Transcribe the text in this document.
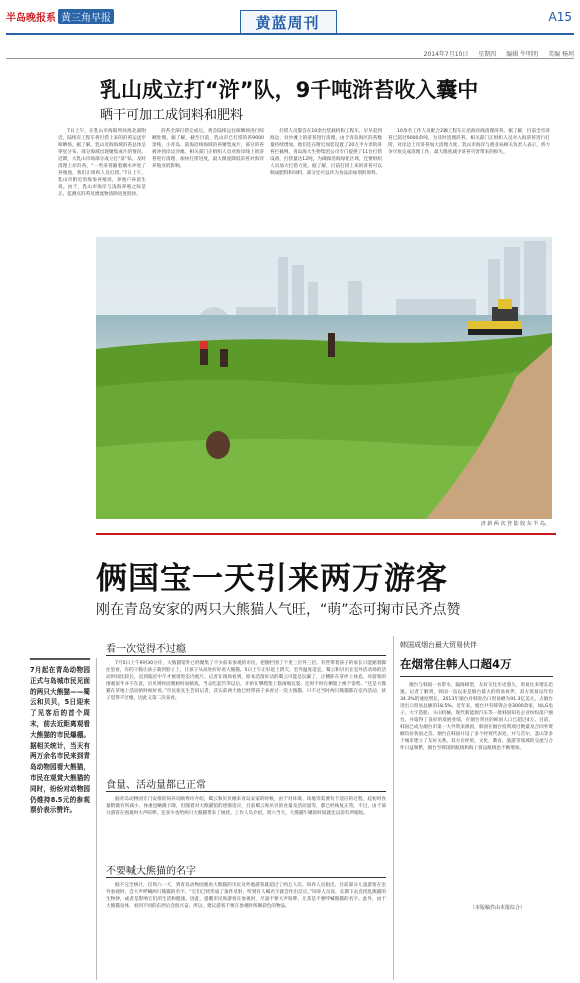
半岛晚报系 黄三角早报	黄蓝周刊	A15
2014年7月10日 星期四 编辑 牛明明 美编 杨珂
乳山成立打“浒”队，9千吨浒苔收入囊中
晒干可加工成饲料和肥料
7日上午，在乳山市海阳所环海北部附近，陆续有工程车将打捞上来的浒苔运送至晾晒场。据了解，乳山近海海域浒苔总体呈零星分布，部分海域出现聚集成片的情况。近期，大乳山市场部分成立打“浒”队，及时清理上岸浒苔。“一些浒苔随着潮水冲进了养殖池，我们正组织人员打捞。”7日上午，乳山市附近的海参养殖场，养殖户孙富生说。由于，乳山市海岸与浅海养殖之际是正，监测点浒苔及漂流物清除进度很快。
浒苔全部打捞完成后，将会陆续运往晾晒场进行晾晒处理。据了解，截至目前，乳山市已打捞浒苔9000余吨。小青岛、前海沿线海域浒苔聚集成片，部分浒苔被冲到岸边沙滩。相关部门正组织人员对海岸线上的浒苔进行清理，加快打捞进度，最大限度降低浒苔对海洋养殖业的影响。
打捞人员都会在10余台装载机和工程车，早早赶到海边，对沙滩上的浒苔进行清理。由于青岛海区浒苔数量持续增加，他们还在附近加装设置了20万平方米的浒苔拦截网。青岛海大生物集团公司专门提供了11台打捞设备，打捞量达12吨，为确保沿海绿化区域，还要组织人员加大打捞力度。据了解，目前打捞上来的浒苔可以制成肥料和饲料，部分还可以作为食品添加剂的原料。
10余名工作人员配合2辆工程车正沿海岸线清理浒苔。据了解，目前全市浒苔已超过9000余吨，为及时清理浒苔，相关部门正组织人员对入海浒苔进行打捞，对岸边上岸浒苔加大清理力度，乳山市海洋与渔业局相关负责人表示，将力争尽快完成清理工作，最大限度减少浒苔灾害带来的损失。
济 新 两 次 登 陆 胶 东 半 岛。
俩国宝一天引来两万游客
刚在青岛安家的两只大熊猫人气旺，“萌”态可掬市民齐点赞
7月起在青岛动物园正式与岛城市民见面的两只大熊猫——蜀云和贝贝，5日迎来了见客后的首个周末，前去近距离观看大熊猫的市民爆棚。据相关统计，当天有两万余名市民来到青岛动物园看大熊猫，市民在观赏大熊猫的同时，纷纷对动物园仍维持8.5元的参观票价表示赞许。
看一次觉得不过瘾
7月5日上午9时30分许，大熊猫馆外已经聚集了不少前来参观的市民，把圈栏围了个里三层外三层。有些带着孩子的家长只能踮着脚往里看，有的干脆让孩子骑到脖子上，让孩子从高处好好看大熊猫。5日上午正好赶上阴天，室外温度适宜，蜀云和贝贝在室外活动场的活动时间比较长，直到临近中午才被请进室内展厅。记者在现场看到，原本活泼好动的蜀云可能是玩累了，正侧卧在草坪上休息，对游客的围观似乎并不在意，贝贝则时而爬树时而嬉戏，当众吃起竹笋以后，开始在攀爬架上悠闲地玩耍，还时不时在栖架上换个姿势。“还是大熊猫在草地上活动的时候好看。”市民张先生告诉记者，其实前两天他已经带孩子来看过一次大熊猫，只不过当时两只熊猫都在室内活动，孩子觉得不过瘾，因此又第二次来看。
食量、活动量都已正常
据青岛动物园专门安排的饲养员顾秀玲介绍，蜀云和贝贝刚来青岛安家的时候，由于对环境、场地等需要有个适应的过程，起初时食量稍微有所减小，体重也略微下降，但随着对大熊猫馆的逐渐适应，目前蜀云和贝贝的食量及活动量等，都已经恢复正常。不过，由于部分游客在围观时大声喧哗，还多少也给两只大熊猫带来了困扰。工作人员介绍，周六当天，大熊猫午睡的时间就比以前有所缩短。
不要喊大熊猫的名字
据不完全统计，仅周六一天，到青岛动物园观看大熊猫的市民及外地游客就超过了两万人次。饲养人员指出，目前部分儿童游客在室外参观时，会大声呼喊两只熊猫的名字。“它们已经形成了条件反射，听到有人喊名字就会作出反应。”饲养人员说，长期下去会扰乱熊猫的生物钟，或者是影响它们的生活和健康。因此，提醒市民和游客在参观时，尽量不要大声喧哗，尤其是不要呼喊熊猫的名字。此外，由于大熊猫身体，看到不同的东西后会很兴奋，所以，建议游客不要在参观时挥舞彩色的物品。
韩国成烟台最大贸易伙伴
在烟常住韩人口超4万
烟台与韩国一衣带水，隔海相望，友好交往历史悠久，贸易往来增长迅速。记者了解到，韩国一直以来是烟台最大的贸易伙伴，双方贸易以年均34.3%的速度增长，2013年烟台对韩进出口贸易额为91.3亿美元，占烟台进出口贸易总额的18.5%。近年来，烟台共有韩资企业3000余家，如LG电子、大宇造船、斗山机械、现代新能源汽车等一批韩国知名企业纷纷落户烟台，并取得了良好的发展业绩，在烟台常住的韩国人口已超过4万。目前，韩国已成为烟台市第一大外资来源国，韩国在烟台投资项目数量及合同外资额均居各国之首。烟台在韩国开设了多个经贸代表处，并与首尔、釜山等多个城市建立了友好关系。双方在经贸、文化、教育、旅游等领域的交流与合作日益频繁，烟台至韩国的航线和海上客运航线也不断增加。
（本版稿件由本报综合）
